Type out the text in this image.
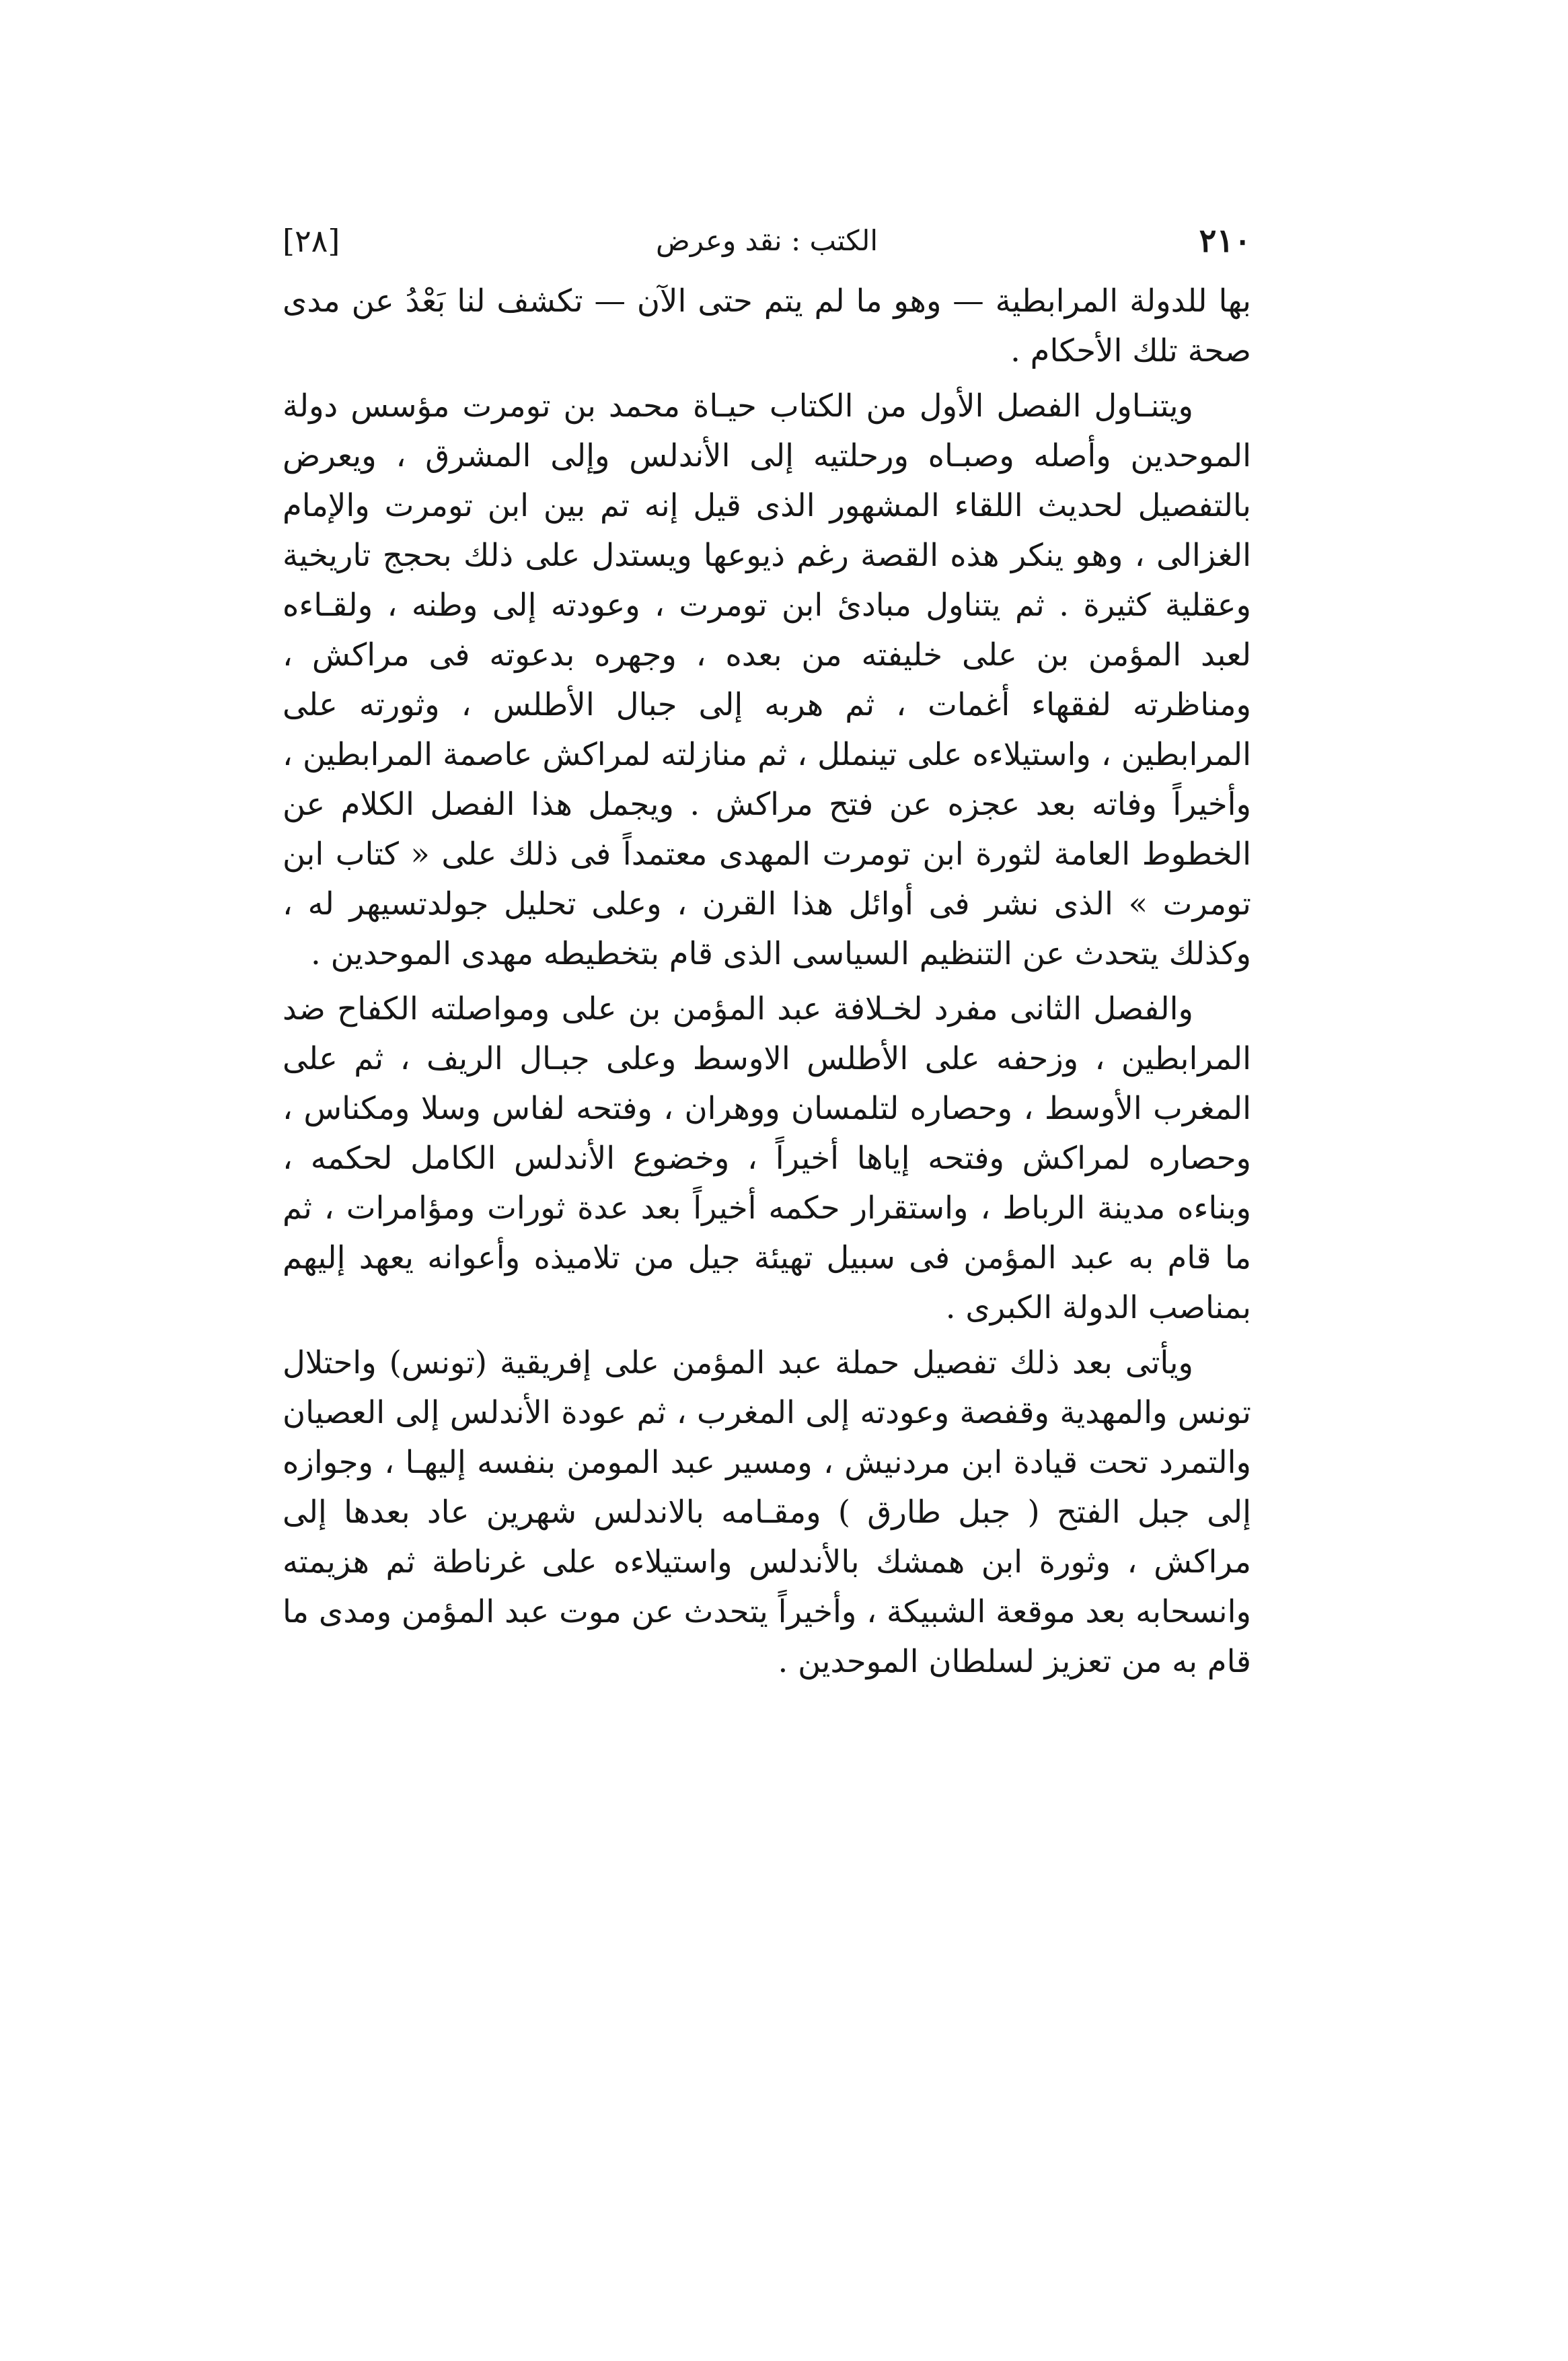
٢١٠
الكتب : نقد وعرض
[٢٨]

بها للدولة المرابطية — وهو ما لم يتم حتى الآن — تكشف لنا بَعْدُ عن مدى صحة تلك الأحكام .

ويتنـاول الفصل الأول من الكتاب حيـاة محمد بن تومرت مؤسس دولة الموحدين وأصله وصبـاه ورحلتيه إلى الأندلس وإلى المشرق ، ويعرض بالتفصيل لحديث اللقاء المشهور الذى قيل إنه تم بين ابن تومرت والإمام الغزالى ، وهو ينكر هذه القصة رغم ذيوعها ويستدل على ذلك بحجج تاريخية وعقلية كثيرة . ثم يتناول مبادئ ابن تومرت ، وعودته إلى وطنه ، ولقـاءه لعبد المؤمن بن على خليفته من بعده ، وجهره بدعوته فى مراكش ، ومناظرته لفقهاء أغمات ، ثم هربه إلى جبال الأطلس ، وثورته على المرابطين ، واستيلاءه على تينملل ، ثم منازلته لمراكش عاصمة المرابطين ، وأخيراً وفاته بعد عجزه عن فتح مراكش . ويجمل هذا الفصل الكلام عن الخطوط العامة لثورة ابن تومرت المهدى معتمداً فى ذلك على « كتاب ابن تومرت » الذى نشر فى أوائل هذا القرن ، وعلى تحليل جولدتسيهر له ، وكذلك يتحدث عن التنظيم السياسى الذى قام بتخطيطه مهدى الموحدين .

والفصل الثانى مفرد لخـلافة عبد المؤمن بن على ومواصلته الكفاح ضد المرابطين ، وزحفه على الأطلس الاوسط وعلى جبـال الريف ، ثم على المغرب الأوسط ، وحصاره لتلمسان ووهران ، وفتحه لفاس وسلا ومكناس ، وحصاره لمراكش وفتحه إياها أخيراً ، وخضوع الأندلس الكامل لحكمه ، وبناءه مدينة الرباط ، واستقرار حكمه أخيراً بعد عدة ثورات ومؤامرات ، ثم ما قام به عبد المؤمن فى سبيل تهيئة جيل من تلاميذه وأعوانه يعهد إليهم بمناصب الدولة الكبرى .

ويأتى بعد ذلك تفصيل حملة عبد المؤمن على إفريقية (تونس) واحتلال تونس والمهدية وقفصة وعودته إلى المغرب ، ثم عودة الأندلس إلى العصيان والتمرد تحت قيادة ابن مردنيش ، ومسير عبد المومن بنفسه إليهـا ، وجوازه إلى جبل الفتح ( جبل طارق ) ومقـامه بالاندلس شهرين عاد بعدها إلى مراكش ، وثورة ابن همشك بالأندلس واستيلاءه على غرناطة ثم هزيمته وانسحابه بعد موقعة الشبيكة ، وأخيراً يتحدث عن موت عبد المؤمن ومدى ما قام به من تعزيز لسلطان الموحدين .
